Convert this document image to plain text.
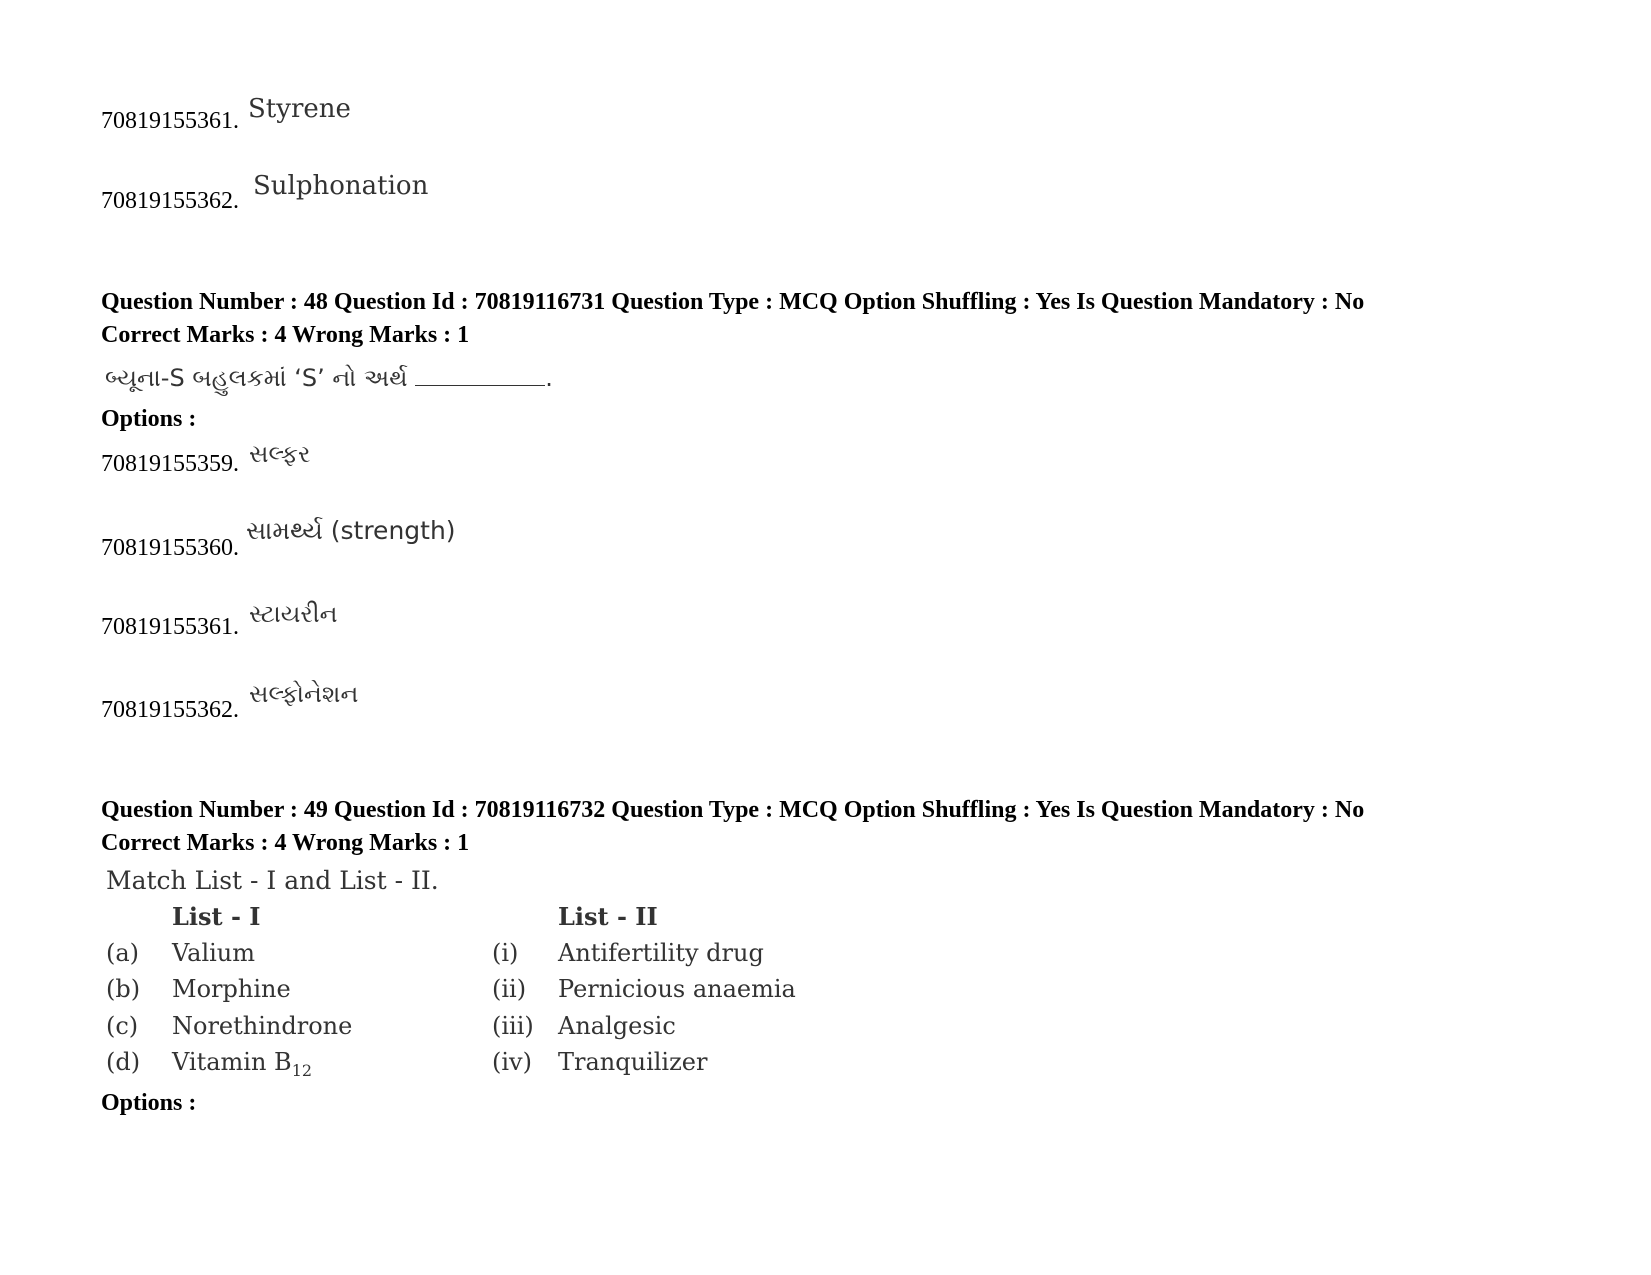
70819155361. Styrene
70819155362. Sulphonation
Question Number : 48 Question Id : 70819116731 Question Type : MCQ Option Shuffling : Yes Is Question Mandatory : No
Correct Marks : 4 Wrong Marks : 1
બ્યૂના-S બહુલકમાં ‘S’ નો અર્થ	.
Options :
70819155359. સલ્ફર
70819155360.
સામર્થ્ય (strength)
70819155361. સ્ટાયરીન
70819155362.
સલ્ફોનેશન
Question Number : 49 Question Id : 70819116732 Question Type : MCQ Option Shuffling : Yes Is Question Mandatory : No
Correct Marks : 4 Wrong Marks : 1
Match List - I and List - II.
List - I	List - II
(a) Valium	(i) Antifertility drug
(b) Morphine	(ii) Pernicious anaemia
(c) Norethindrone	(iii) Analgesic
(d) Vitamin $B_{12}$	(iv) Tranquilizer
Options :
